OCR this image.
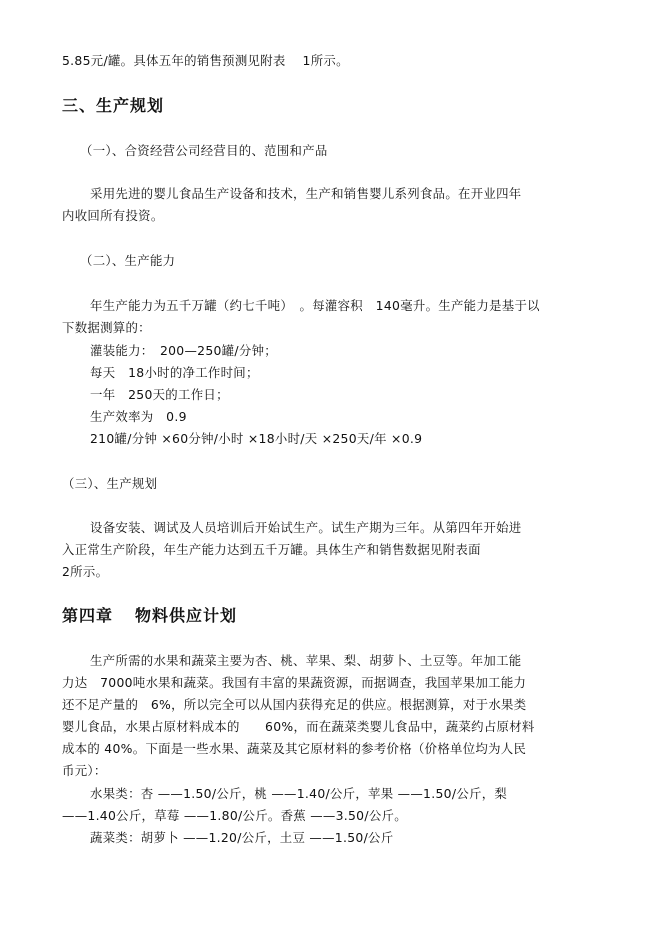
5.85元/罐。具体五年的销售预测见附表　 1所示。
三、生产规划
（一）、合资经营公司经营目的、范围和产品
采用先进的婴儿食品生产设备和技术，生产和销售婴儿系列食品。在开业四年
内收回所有投资。
（二）、生产能力
年生产能力为五千万罐（约七千吨）　。每灌容积　140毫升。生产能力是基于以
下数据测算的：
灌装能力：　200—250罐/分钟；
每天　18小时的净工作时间；
一年　250天的工作日；
生产效率为　0.9
210罐/分钟 ×60分钟/小时 ×18小时/天 ×250天/年 ×0.9
（三）、生产规划
设备安装、调试及人员培训后开始试生产。试生产期为三年。从第四年开始进
入正常生产阶段，年生产能力达到五千万罐。具体生产和销售数据见附表面
2所示。
第四章 物料供应计划
生产所需的水果和蔬菜主要为杏、桃、苹果、梨、胡萝卜、土豆等。年加工能
力达　7000吨水果和蔬菜。我国有丰富的果蔬资源，而据调查，我国苹果加工能力
还不足产量的　6%，所以完全可以从国内获得充足的供应。根据测算，对于水果类
婴儿食品，水果占原材料成本的　　60%，而在蔬菜类婴儿食品中，蔬菜约占原材料
成本的 40%。下面是一些水果、蔬菜及其它原材料的参考价格（价格单位均为人民
币元）：
水果类：杏 ——1.50/公斤，桃 ——1.40/公斤，苹果 ——1.50/公斤，梨
——1.40公斤，草莓 ——1.80/公斤。香蕉 ——3.50/公斤。
蔬菜类：胡萝卜 ——1.20/公斤，土豆 ——1.50/公斤
